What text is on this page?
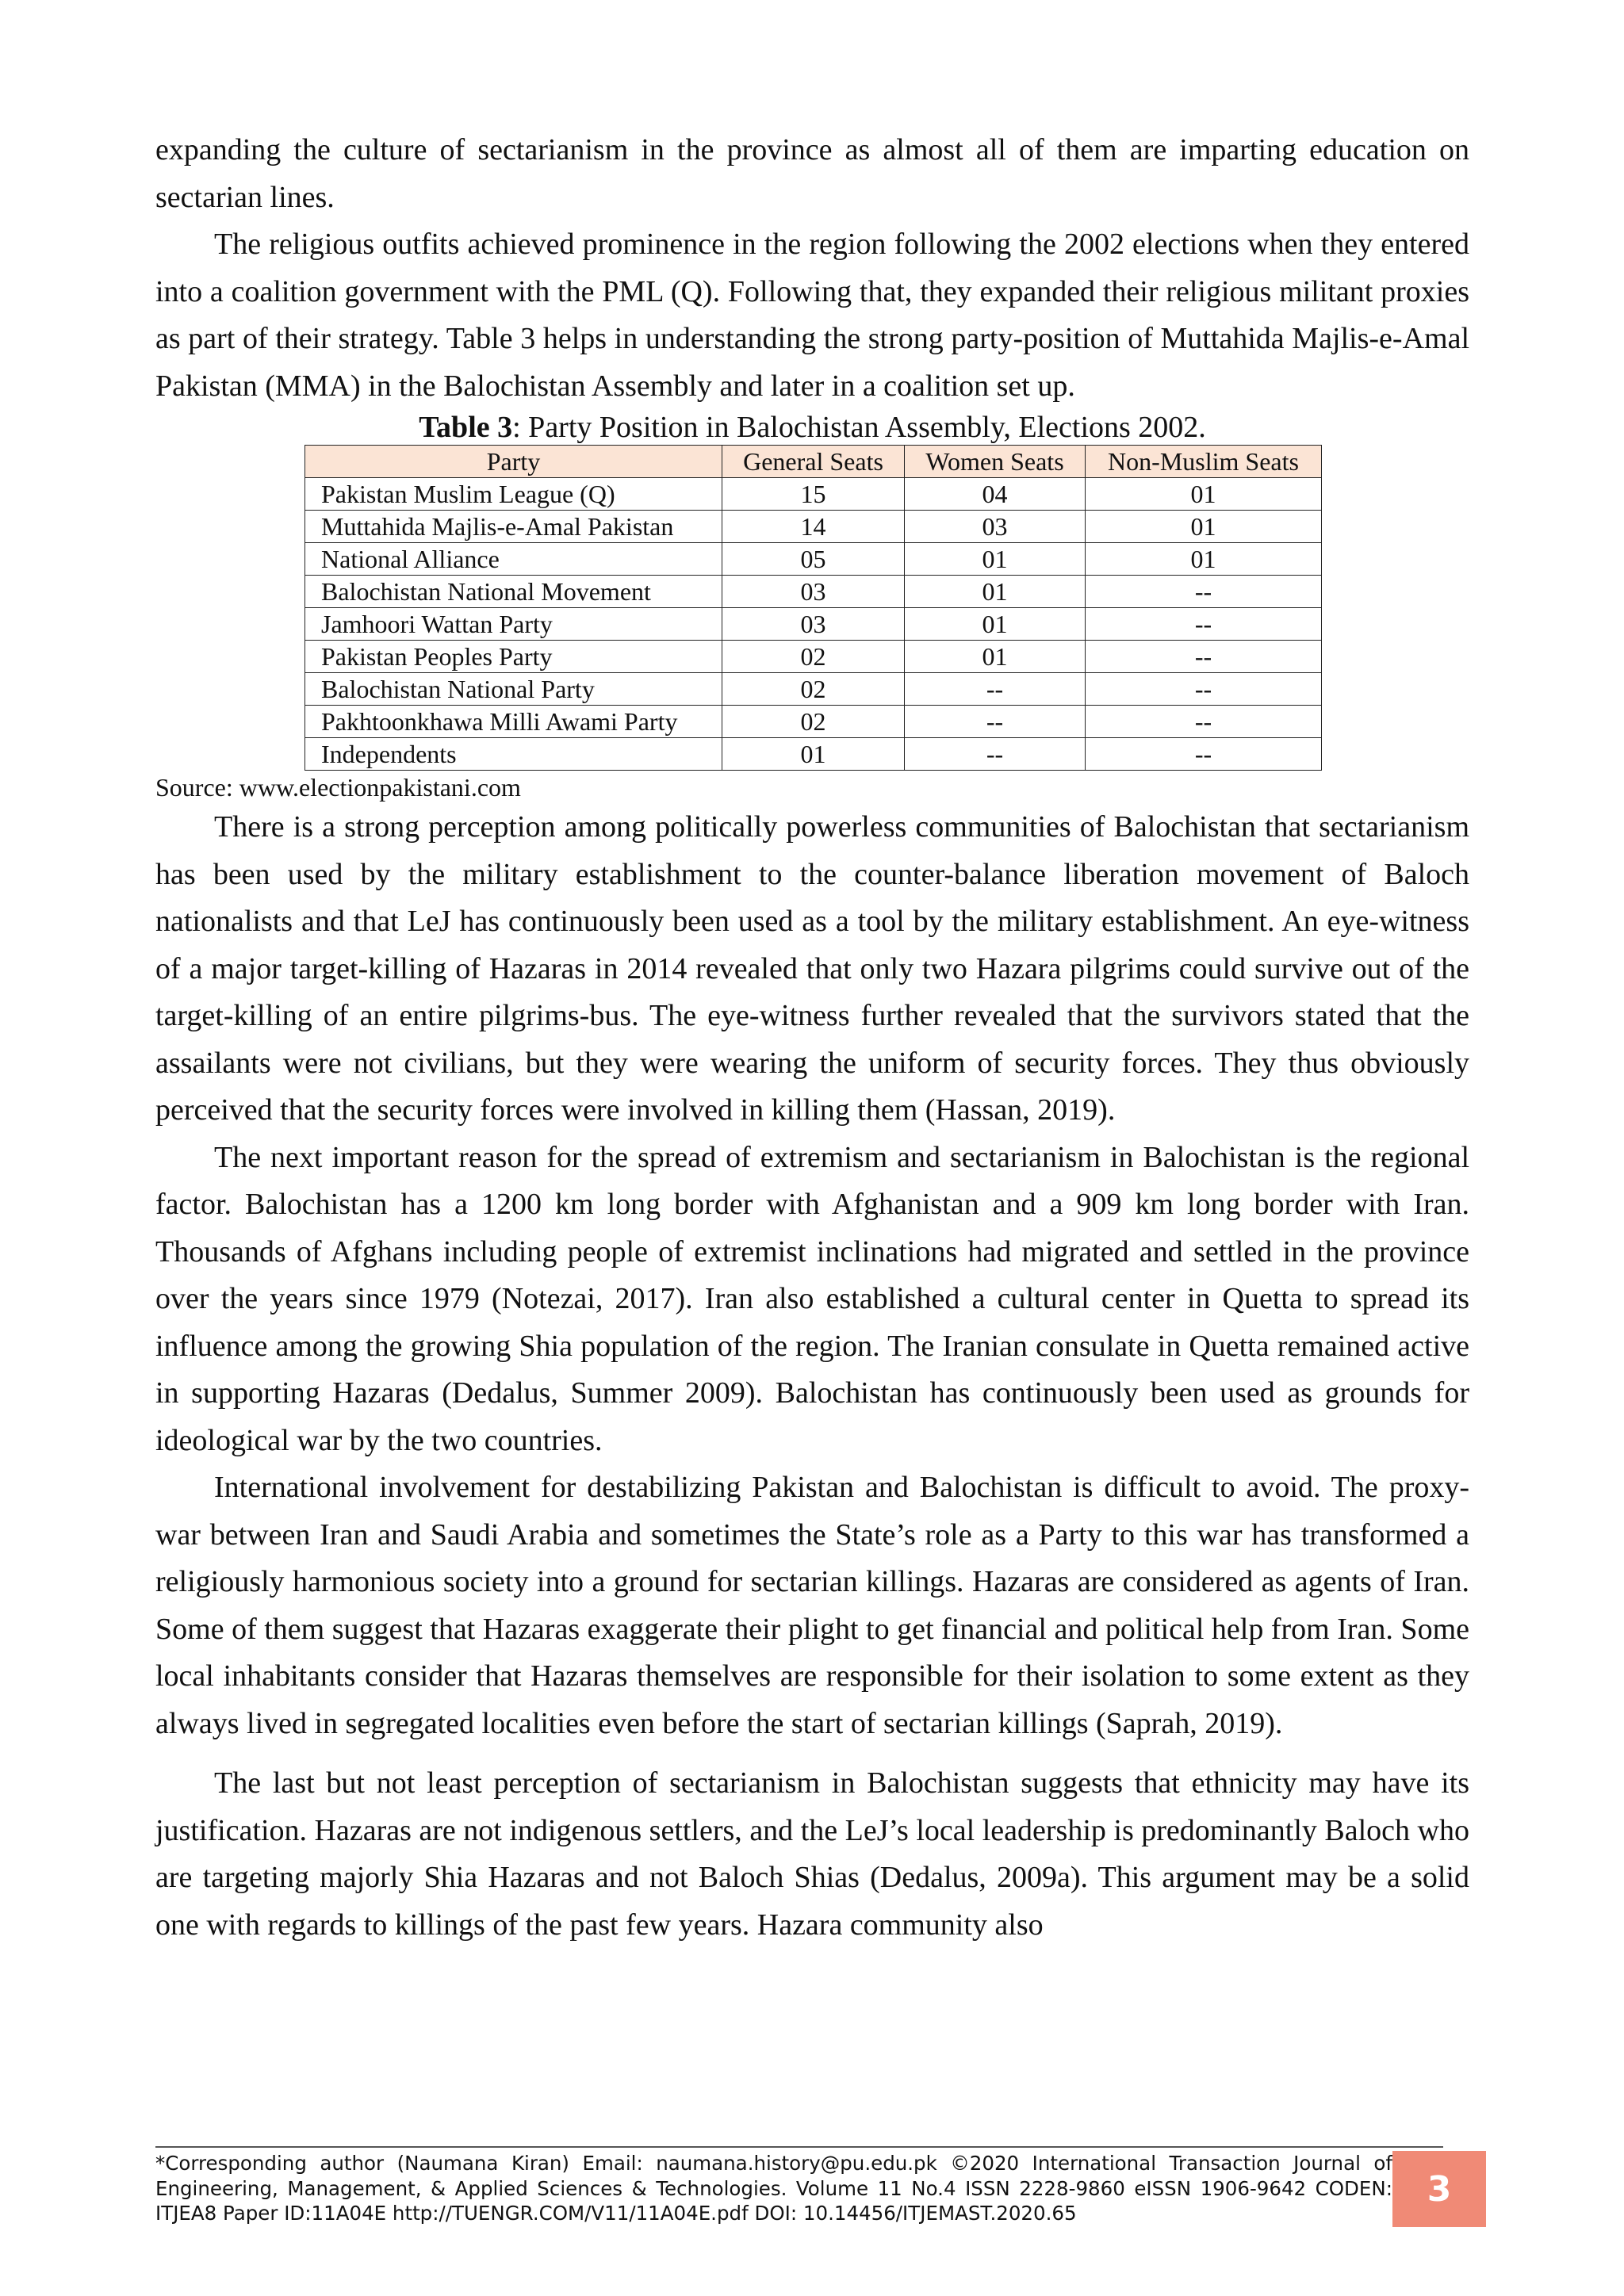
expanding the culture of sectarianism in the province as almost all of them are imparting education on sectarian lines.

The religious outfits achieved prominence in the region following the 2002 elections when they entered into a coalition government with the PML (Q). Following that, they expanded their religious militant proxies as part of their strategy. Table 3 helps in understanding the strong party-position of Muttahida Majlis-e-Amal Pakistan (MMA) in the Balochistan Assembly and later in a coalition set up.

Table 3: Party Position in Balochistan Assembly, Elections 2002.
Party	General Seats	Women Seats	Non-Muslim Seats
Pakistan Muslim League (Q)	15	04	01
Muttahida Majlis-e-Amal Pakistan	14	03	01
National Alliance	05	01	01
Balochistan National Movement	03	01	--
Jamhoori Wattan Party	03	01	--
Pakistan Peoples Party	02	01	--
Balochistan National Party	02	--	--
Pakhtoonkhawa Milli Awami Party	02	--	--
Independents	01	--	--

Source: www.electionpakistani.com

There is a strong perception among politically powerless communities of Balochistan that sectarianism has been used by the military establishment to the counter-balance liberation movement of Baloch nationalists and that LeJ has continuously been used as a tool by the military establishment. An eye-witness of a major target-killing of Hazaras in 2014 revealed that only two Hazara pilgrims could survive out of the target-killing of an entire pilgrims-bus. The eye-witness further revealed that the survivors stated that the assailants were not civilians, but they were wearing the uniform of security forces. They thus obviously perceived that the security forces were involved in killing them (Hassan, 2019).

The next important reason for the spread of extremism and sectarianism in Balochistan is the regional factor. Balochistan has a 1200 km long border with Afghanistan and a 909 km long border with Iran. Thousands of Afghans including people of extremist inclinations had migrated and settled in the province over the years since 1979 (Notezai, 2017). Iran also established a cultural center in Quetta to spread its influence among the growing Shia population of the region. The Iranian consulate in Quetta remained active in supporting Hazaras (Dedalus, Summer 2009). Balochistan has continuously been used as grounds for ideological war by the two countries.

International involvement for destabilizing Pakistan and Balochistan is difficult to avoid. The proxy-war between Iran and Saudi Arabia and sometimes the State’s role as a Party to this war has transformed a religiously harmonious society into a ground for sectarian killings. Hazaras are considered as agents of Iran. Some of them suggest that Hazaras exaggerate their plight to get financial and political help from Iran. Some local inhabitants consider that Hazaras themselves are responsible for their isolation to some extent as they always lived in segregated localities even before the start of sectarian killings (Saprah, 2019).

The last but not least perception of sectarianism in Balochistan suggests that ethnicity may have its justification. Hazaras are not indigenous settlers, and the LeJ’s local leadership is predominantly Baloch who are targeting majorly Shia Hazaras and not Baloch Shias (Dedalus, 2009a). This argument may be a solid one with regards to killings of the past few years. Hazara community also

*Corresponding author (Naumana Kiran) Email: naumana.history@pu.edu.pk ©2020 International Transaction Journal of Engineering, Management, & Applied Sciences & Technologies. Volume 11 No.4 ISSN 2228-9860 eISSN 1906-9642 CODEN: ITJEA8 Paper ID:11A04E http://TUENGR.COM/V11/11A04E.pdf DOI: 10.14456/ITJEMAST.2020.65
3
